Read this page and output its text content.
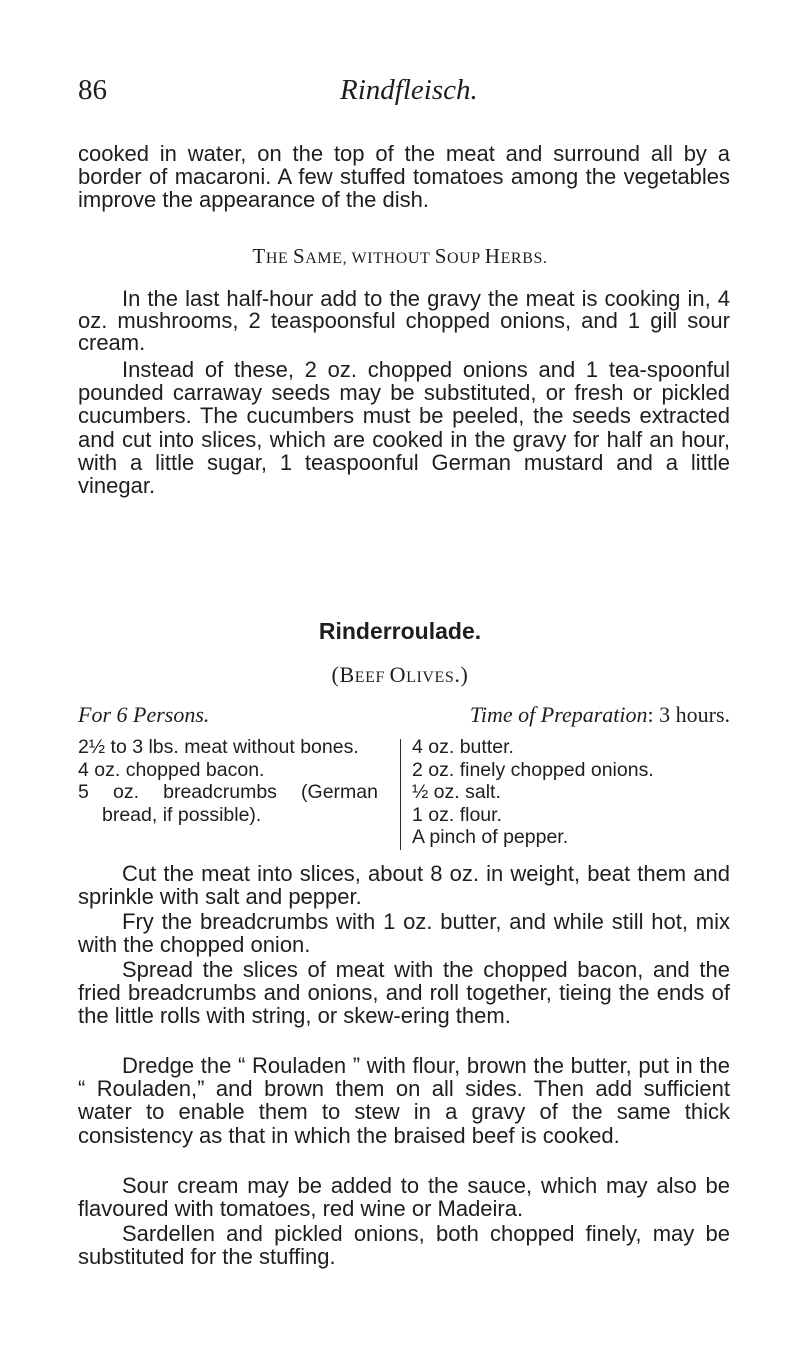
86	Rindfleisch.

cooked in water, on the top of the meat and surround all by a border of macaroni. A few stuffed tomatoes among the vegetables improve the appearance of the dish.

THE SAME, WITHOUT SOUP HERBS.

In the last half-hour add to the gravy the meat is cooking in, 4 oz. mushrooms, 2 teaspoonsful chopped onions, and 1 gill sour cream.

Instead of these, 2 oz. chopped onions and 1 tea-spoonful pounded carraway seeds may be substituted, or fresh or pickled cucumbers. The cucumbers must be peeled, the seeds extracted and cut into slices, which are cooked in the gravy for half an hour, with a little sugar, 1 teaspoonful German mustard and a little vinegar.

Rinderroulade.

(BEEF OLIVES.)

For 6 Persons.	Time of Preparation: 3 hours.
2½ to 3 lbs. meat without bones.
4 oz. chopped bacon.
5 oz. breadcrumbs (German bread, if possible).
4 oz. butter.
2 oz. finely chopped onions.
½ oz. salt.
1 oz. flour.
A pinch of pepper.

Cut the meat into slices, about 8 oz. in weight, beat them and sprinkle with salt and pepper.

Fry the breadcrumbs with 1 oz. butter, and while still hot, mix with the chopped onion.

Spread the slices of meat with the chopped bacon, and the fried breadcrumbs and onions, and roll together, tieing the ends of the little rolls with string, or skew-ering them.

Dredge the “ Rouladen ” with flour, brown the butter, put in the “ Rouladen,” and brown them on all sides. Then add sufficient water to enable them to stew in a gravy of the same thick consistency as that in which the braised beef is cooked.

Sour cream may be added to the sauce, which may also be flavoured with tomatoes, red wine or Madeira.

Sardellen and pickled onions, both chopped finely, may be substituted for the stuffing.
